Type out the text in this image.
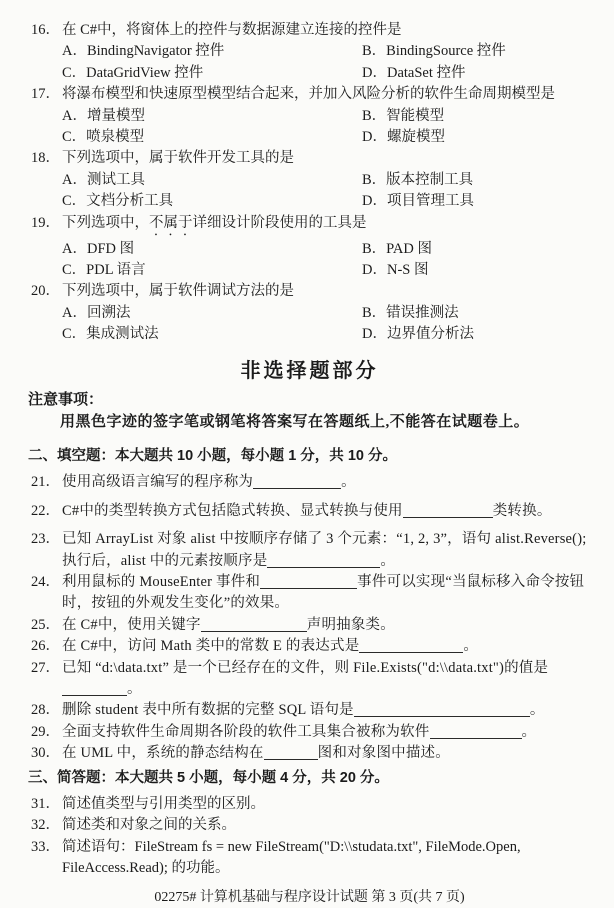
16． 在 C#中，将窗体上的控件与数据源建立连接的控件是
A．BindingNavigator 控件	B．BindingSource 控件
C．DataGridView 控件	D．DataSet 控件
17． 将瀑布模型和快速原型模型结合起来，并加入风险分析的软件生命周期模型是
A．增量模型	B．智能模型
C．喷泉模型	D．螺旋模型
18． 下列选项中，属于软件开发工具的是
A．测试工具	B．版本控制工具
C．文档分析工具	D．项目管理工具
19． 下列选项中，不属于详细设计阶段使用的工具是
A．DFD 图	B．PAD 图
C．PDL 语言	D．N-S 图
20． 下列选项中，属于软件调试方法的是
A．回溯法	B．错误推测法
C．集成测试法	D．边界值分析法
非选择题部分
注意事项：
用黑色字迹的签字笔或钢笔将答案写在答题纸上,不能答在试题卷上。
二、填空题：本大题共 10 小题，每小题 1 分，共 10 分。
21． 使用高级语言编写的程序称为	。
22． C#中的类型转换方式包括隐式转换、显式转换与使用	类转换。
23． 已知 ArrayList 对象 alist 中按顺序存储了 3 个元素：“1, 2, 3”，语句 alist.Reverse(); 执行后，alist 中的元素按顺序是	。
24． 利用鼠标的 MouseEnter 事件和	事件可以实现“当鼠标移入命令按钮时，按钮的外观发生变化”的效果。
25． 在 C#中，使用关键字	声明抽象类。
26． 在 C#中，访问 Math 类中的常数 E 的表达式是	。
27． 已知 “d:\data.txt” 是一个已经存在的文件，则 File.Exists("d:\\data.txt")的值是
。
28． 删除 student 表中所有数据的完整 SQL 语句是	。
29． 全面支持软件生命周期各阶段的软件工具集合被称为软件	。
30． 在 UML 中，系统的静态结构在	图和对象图中描述。
三、简答题：本大题共 5 小题，每小题 4 分，共 20 分。
31． 简述值类型与引用类型的区别。
32． 简述类和对象之间的关系。
33． 简述语句：FileStream fs = new FileStream("D:\\studata.txt", FileMode.Open, FileAccess.Read); 的功能。
02275# 计算机基础与程序设计试题 第 3 页(共 7 页)
